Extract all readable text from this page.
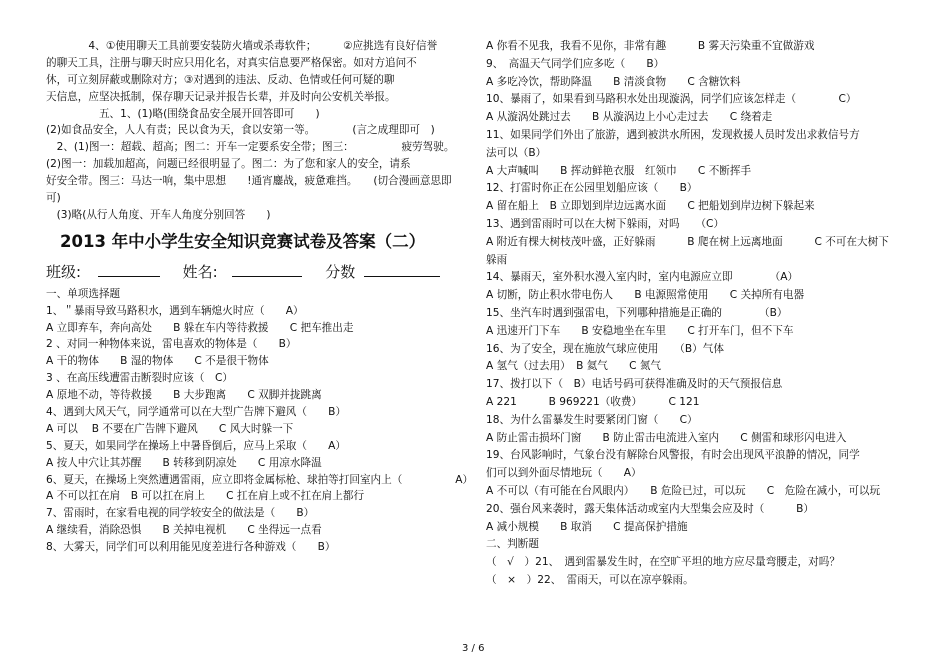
　　　　4、①使用聊天工具前要安装防火墙或杀毒软件；　　　②应挑选有良好信誉
的聊天工具，注册与聊天时应只用化名，对真实信息要严格保密。如对方追问不
休，可立刻屏蔽或删除对方；③对遇到的违法、反动、色情或任何可疑的聊
天信息，应坚决抵制，保存聊天记录并报告长辈，并及时向公安机关举报。
　　　　　五、1、(1)略(围绕食品安全展开回答即可　　)
(2)如食品安全，人人有责；民以食为天，食以安第一等。　　　　(言之成理即可　)
　2、(1)图一：超载、超高；图二：开车一定要系安全带；图三：　　　　　疲劳驾驶。
(2)图一：加载加超高，问题已经很明显了。图二：为了您和家人的安全，请系
好安全带。图三：马达一响，集中思想　　!通宵鏖战，疲惫难挡。　　(切合漫画意思即
可)
　(3)略(从行人角度、开车人角度分别回答　　)
2013 年中小学生安全知识竞赛试卷及答案（二）
班级:	姓名:	分数
一、单项选择题
1、＂暴雨导致马路积水，遇到车辆熄火时应（　　A）
A 立即弃车，奔向高处　　B 躲在车内等待救援　　C 把车推出走
2 、对同一种物体来说，雷电喜欢的物体是（　　B）
A 干的物体　　B 湿的物体　　C 不是很干物体
3 、在高压线遭雷击断裂时应该（　C）
A 原地不动，等待救援　　B 大步跑离　　C 双脚并拢跳离
4、遇到大风天气，同学通常可以在大型广告牌下避风（　　B）
A 可以　 B 不要在广告牌下避风　　C 风大时躲一下
5、夏天，如果同学在操场上中暑昏倒后，应马上采取（　　A）
A 按人中穴让其苏醒　　B 转移到阴凉处　　C 用凉水降温
6、夏天，在操场上突然遭遇雷雨，应立即将金属标枪、球拍等打回室内上（　　　　　A）
A 不可以扛在肩　B 可以扛在肩上　　C 扛在肩上或不扛在肩上都行
7、雷雨时，在家看电视的同学较安全的做法是（　　B）
A 继续看，消除恐惧　　B 关掉电视机　　C 坐得远一点看
8、大雾天，同学们可以利用能见度差进行各种游戏（　　B）
A 你看不见我，我看不见你，非常有趣　　　B 雾天污染重不宜做游戏
9、　高温天气同学们应多吃（　　B）
A 多吃冷饮，帮助降温　　B 清淡食物　　C 含糖饮料
10、暴雨了，如果看到马路积水处出现漩涡，同学们应该怎样走（　　　　C）
A 从漩涡处跳过去　　B 从漩涡边上小心走过去　　C 绕着走
11、如果同学们外出了旅游，遇到被洪水所困，发现救援人员时发出求救信号方
法可以（B）
A 大声喊叫　　B 挥动鲜艳衣服　红领巾　　C 不断挥手
12、打雷时你正在公园里划船应该（　　B）
A 留在船上　B 立即划到岸边远离水面　　C 把船划到岸边树下躲起来
13、遇到雷雨时可以在大树下躲雨，对吗　　（C）
A 附近有棵大树枝茂叶盛，正好躲雨　　　B 爬在树上远离地面　　　C 不可在大树下
躲雨
14、暴雨天，室外积水漫入室内时，室内电源应立即　　　　（A）
A 切断，防止积水带电伤人　　B 电源照常使用　　C 关掉所有电器
15、坐汽车时遇到强雷电，下列哪种措施是正确的　　　　（B）
A 迅速开门下车　　B 安稳地坐在车里　　C 打开车门，但不下车
16、为了安全，现在施放气球应使用　　（B）气体
A 氢气（过去用）　B 氦气　　C 氮气
17、拨打以下（　B）电话号码可获得准确及时的天气预报信息
A 221　　　B 969221（收费）　　　C 121
18、为什么雷暴发生时要紧闭门窗（　　C）
A 防止雷击损坏门窗　　B 防止雷击电流进入室内　　C 侧雷和球形闪电进入
19、台风影响时，气象台没有解除台风警报，有时会出现风平浪静的情况，同学
们可以到外面尽情地玩（　　A）
A 不可以（有可能在台风眼内）　　B 危险已过，可以玩　　C　危险在减小，可以玩
20、强台风来袭时，露天集体活动或室内大型集会应及时（　　　B）
A 减小规模　　B 取消　　C 提高保护措施
二、判断题
（　√　）21、　遇到雷暴发生时，在空旷平坦的地方应尽量弯腰走，对吗？
（　×　）22、　雷雨天，可以在凉亭躲雨。
3 / 6
